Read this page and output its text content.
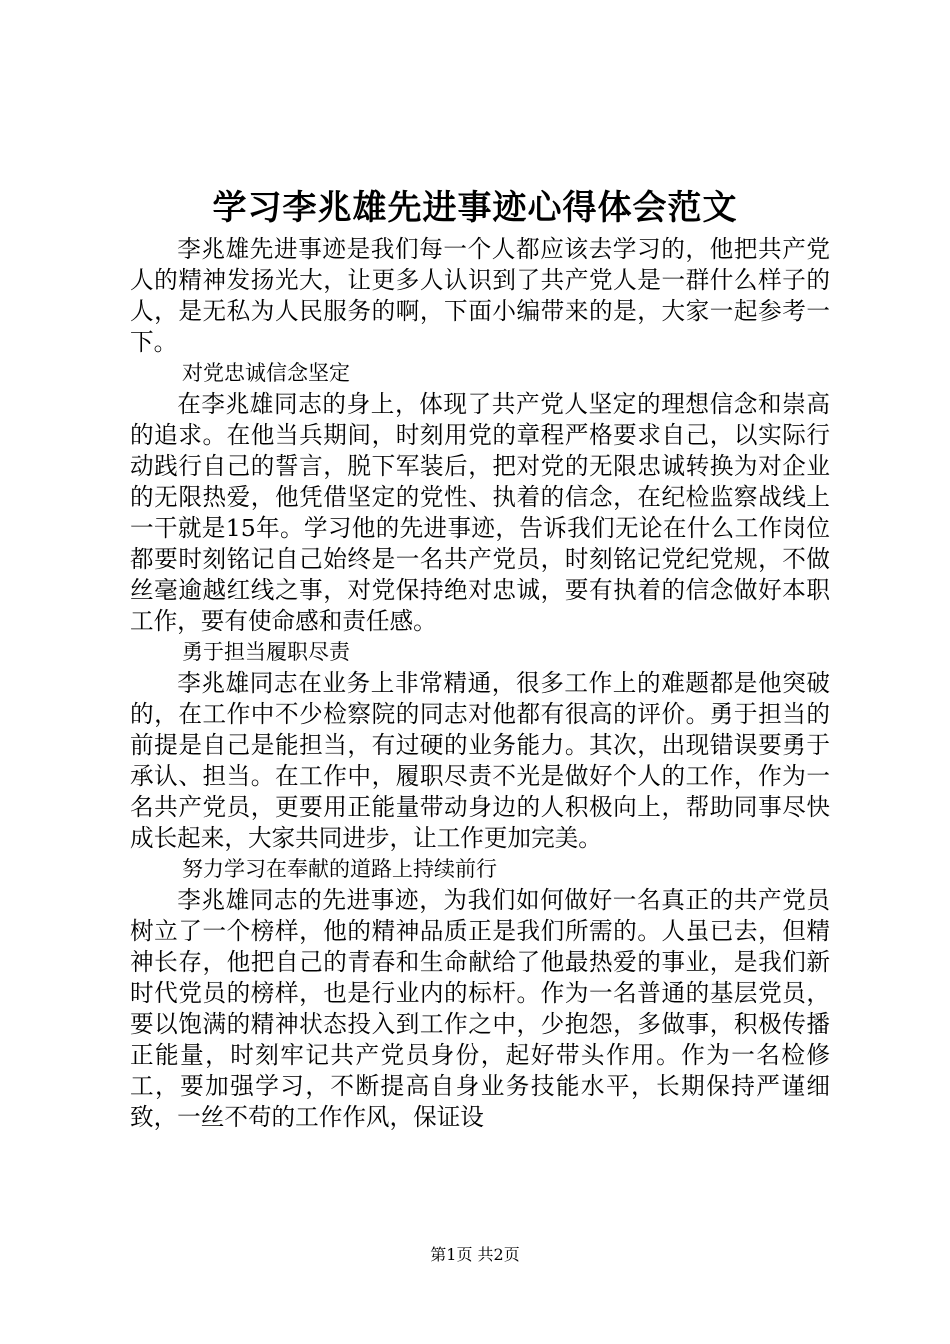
学习李兆雄先进事迹心得体会范文

李兆雄先进事迹是我们每一个人都应该去学习的，他把共产党人的精神发扬光大，让更多人认识到了共产党人是一群什么样子的人，是无私为人民服务的啊，下面小编带来的是，大家一起参考一下。

对党忠诚信念坚定

在李兆雄同志的身上，体现了共产党人坚定的理想信念和崇高的追求。在他当兵期间，时刻用党的章程严格要求自己，以实际行动践行自己的誓言，脱下军装后，把对党的无限忠诚转换为对企业的无限热爱，他凭借坚定的党性、执着的信念，在纪检监察战线上一干就是15年。学习他的先进事迹，告诉我们无论在什么工作岗位都要时刻铭记自己始终是一名共产党员，时刻铭记党纪党规，不做丝毫逾越红线之事，对党保持绝对忠诚，要有执着的信念做好本职工作，要有使命感和责任感。

勇于担当履职尽责

李兆雄同志在业务上非常精通，很多工作上的难题都是他突破的，在工作中不少检察院的同志对他都有很高的评价。勇于担当的前提是自己是能担当，有过硬的业务能力。其次，出现错误要勇于承认、担当。在工作中，履职尽责不光是做好个人的工作，作为一名共产党员，更要用正能量带动身边的人积极向上，帮助同事尽快成长起来，大家共同进步，让工作更加完美。

努力学习在奉献的道路上持续前行

李兆雄同志的先进事迹，为我们如何做好一名真正的共产党员树立了一个榜样，他的精神品质正是我们所需的。人虽已去，但精神长存，他把自己的青春和生命献给了他最热爱的事业，是我们新时代党员的榜样，也是行业内的标杆。作为一名普通的基层党员，要以饱满的精神状态投入到工作之中，少抱怨，多做事，积极传播正能量，时刻牢记共产党员身份，起好带头作用。作为一名检修工，要加强学习，不断提高自身业务技能水平，长期保持严谨细致，一丝不苟的工作作风，保证设

第1页 共2页
